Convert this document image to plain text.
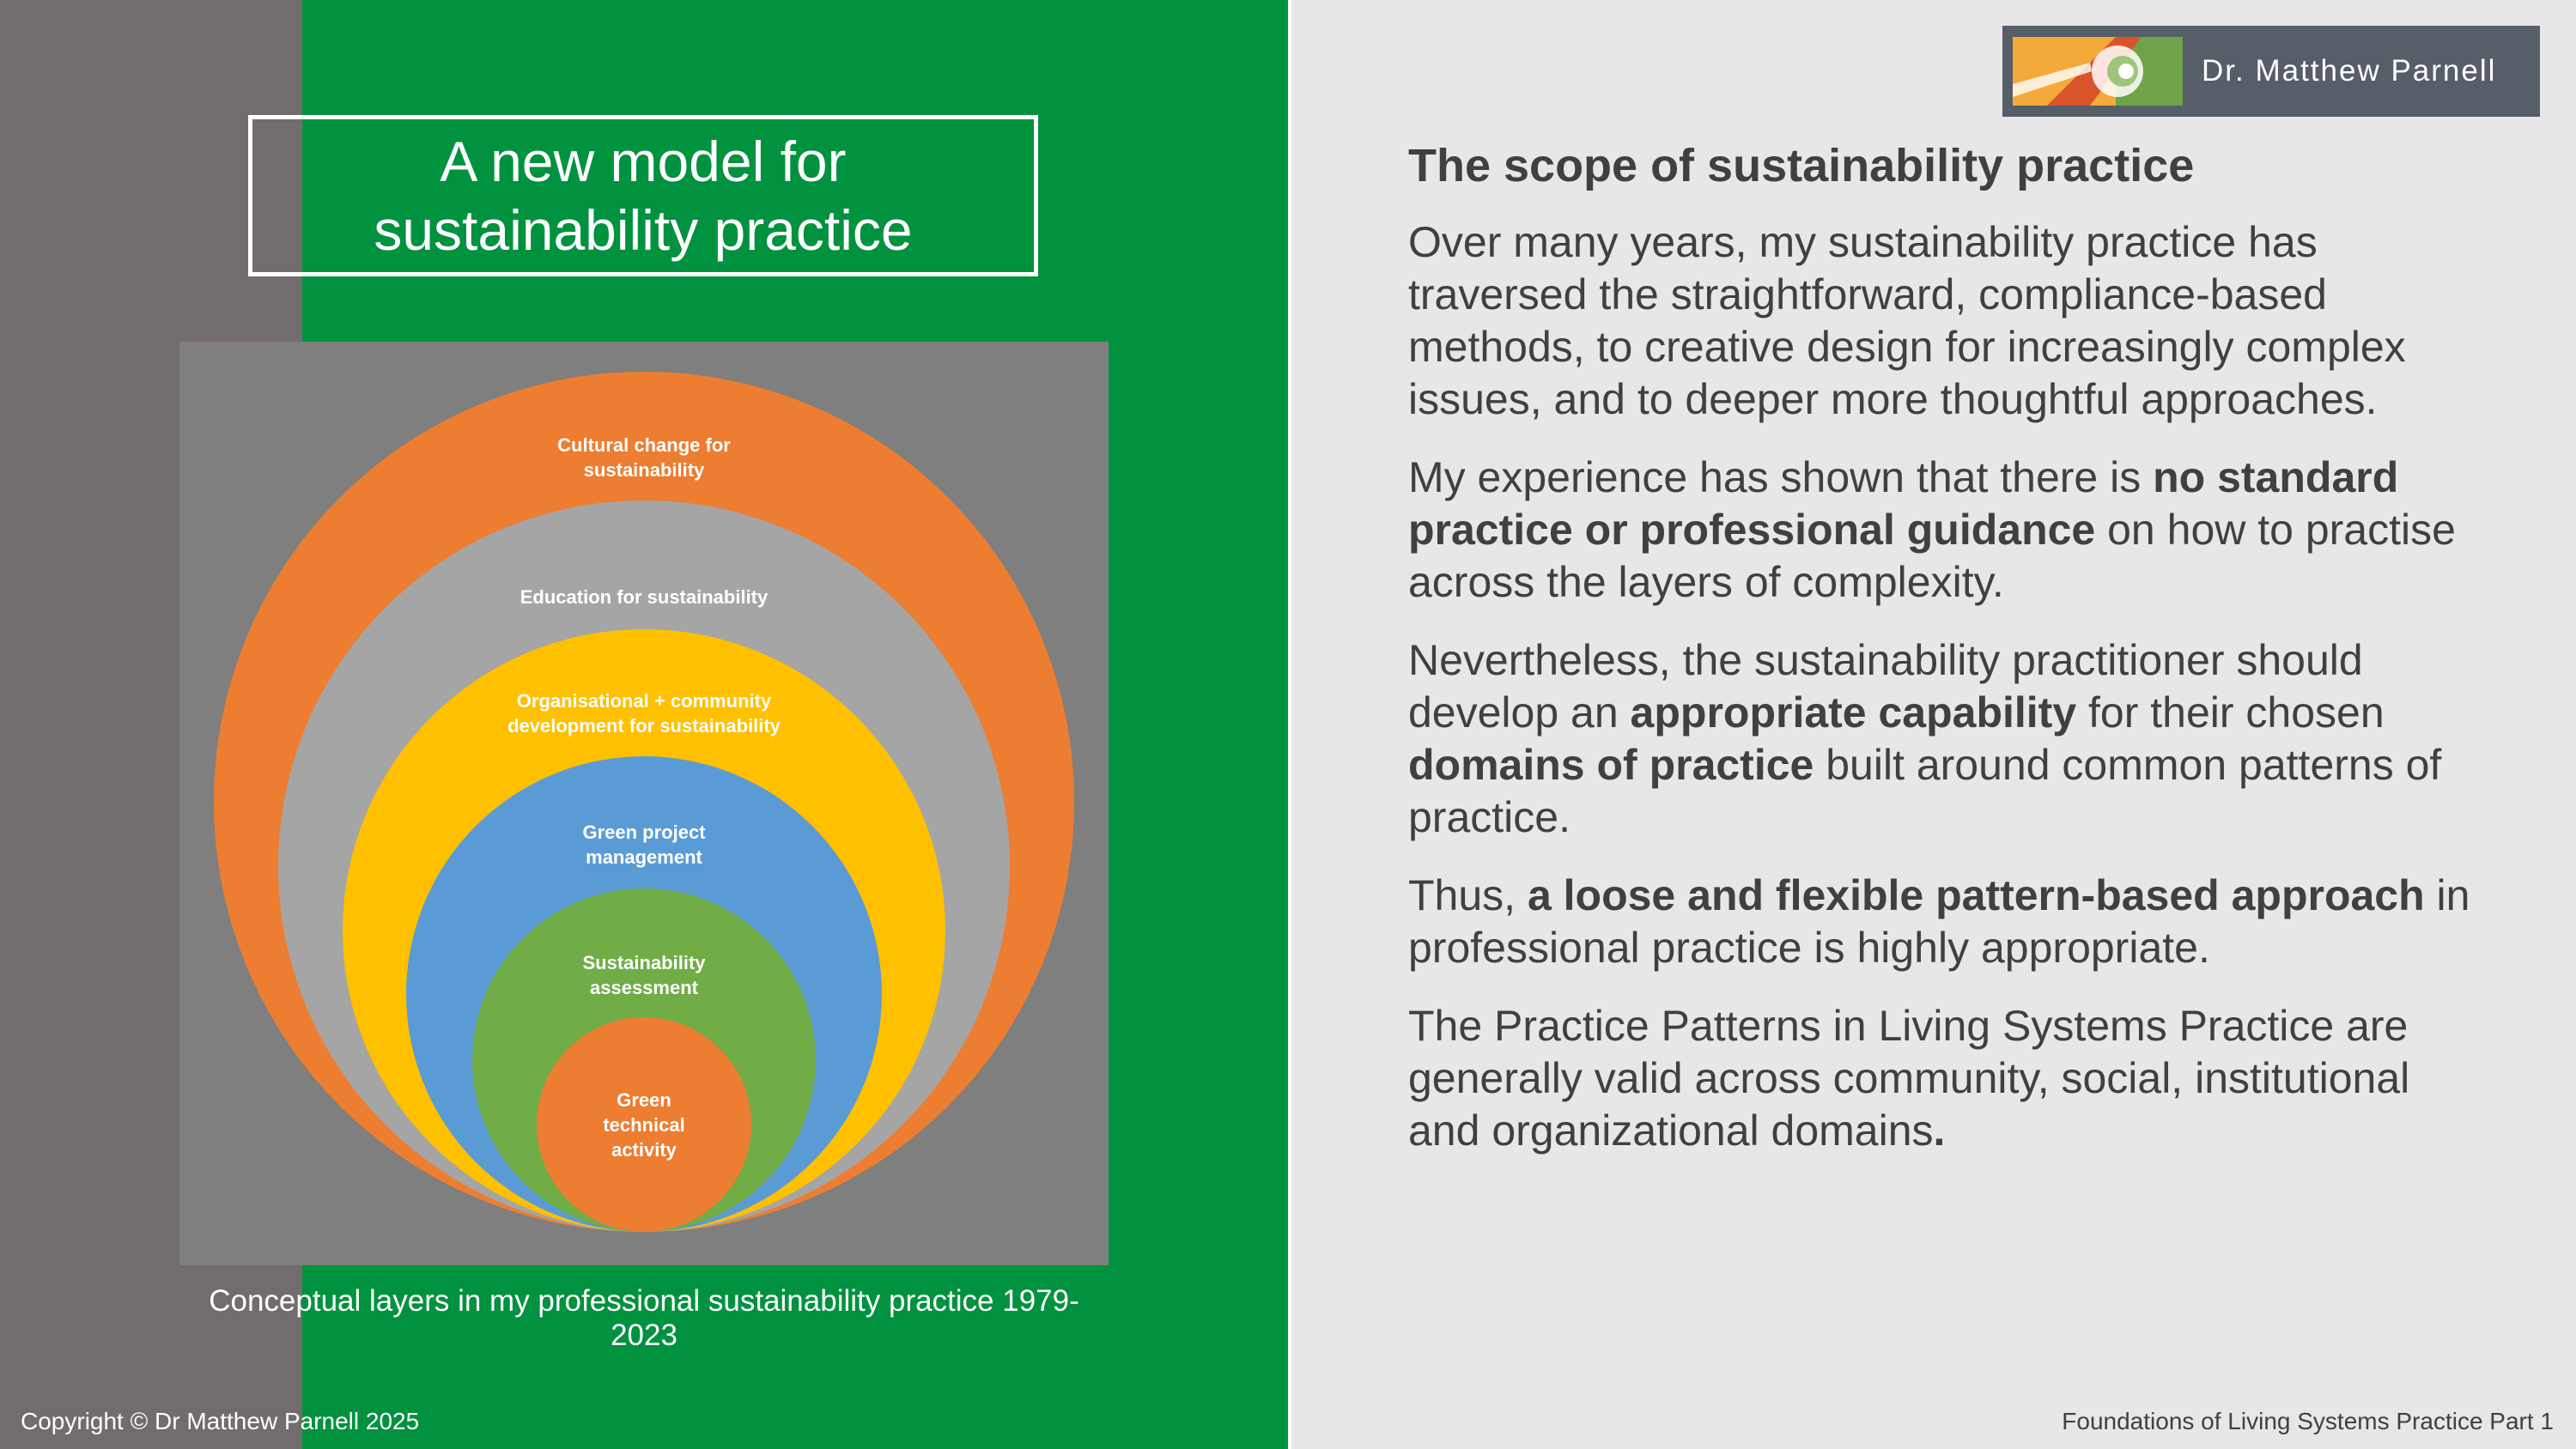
A new model for
sustainability practice
Cultural change for
sustainability
Education for sustainability
Organisational + community
development for sustainability
Green project
management
Sustainability
assessment
Green
technical
activity
Conceptual layers in my professional sustainability practice 1979-2023
Dr. Matthew Parnell
The scope of sustainability practice

Over many years, my sustainability practice has traversed the straightforward, compliance-based methods, to creative design for increasingly complex issues, and to deeper more thoughtful approaches.

My experience has shown that there is no standard practice or professional guidance on how to practise across the layers of complexity.

Nevertheless, the sustainability practitioner should develop an appropriate capability for their chosen domains of practice built around common patterns of practice.

Thus, a loose and flexible pattern-based approach in professional practice is highly appropriate.

The Practice Patterns in Living Systems Practice are generally valid across community, social, institutional and organizational domains.

Copyright © Dr Matthew Parnell 2025	Foundations of Living Systems Practice Part 1
